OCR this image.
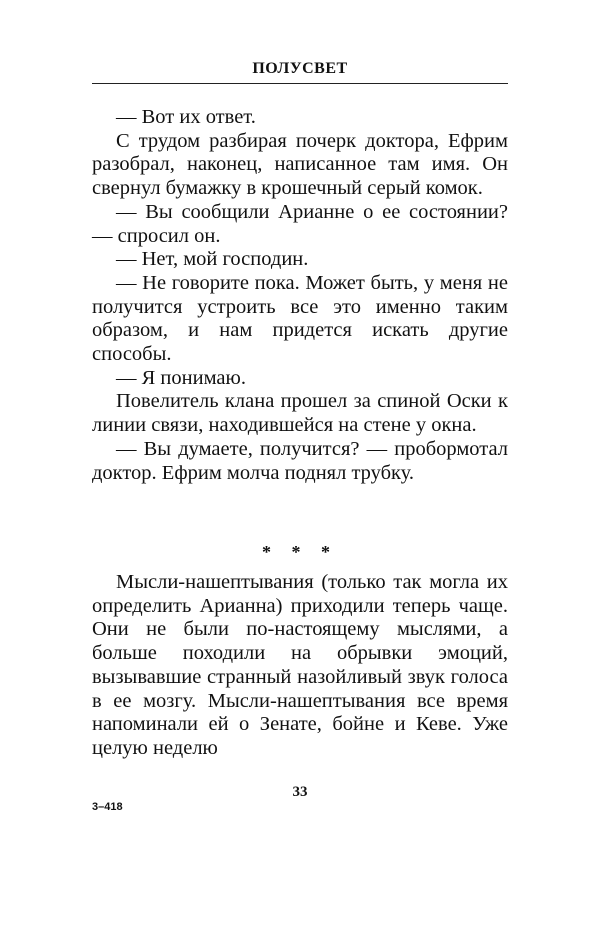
ПОЛУСВЕТ

— Вот их ответ.

С трудом разбирая почерк доктора, Ефрим разобрал, наконец, написанное там имя. Он свернул бумажку в крошечный серый комок.

— Вы сообщили Арианне о ее состоянии? — спросил он.

— Нет, мой господин.

— Не говорите пока. Может быть, у меня не получится устроить все это именно таким образом, и нам придется искать другие способы.

— Я понимаю.

Повелитель клана прошел за спиной Оски к линии связи, находившейся на стене у окна.

— Вы думаете, получится? — пробормотал доктор. Ефрим молча поднял трубку.

* * *

Мысли-нашептывания (только так могла их определить Арианна) приходили теперь чаще. Они не были по-настоящему мыслями, а больше походили на обрывки эмоций, вызывавшие странный назойливый звук голоса в ее мозгу. Мысли-нашептывания все время напоминали ей о Зенате, бойне и Кеве. Уже целую неделю

33
3–418
